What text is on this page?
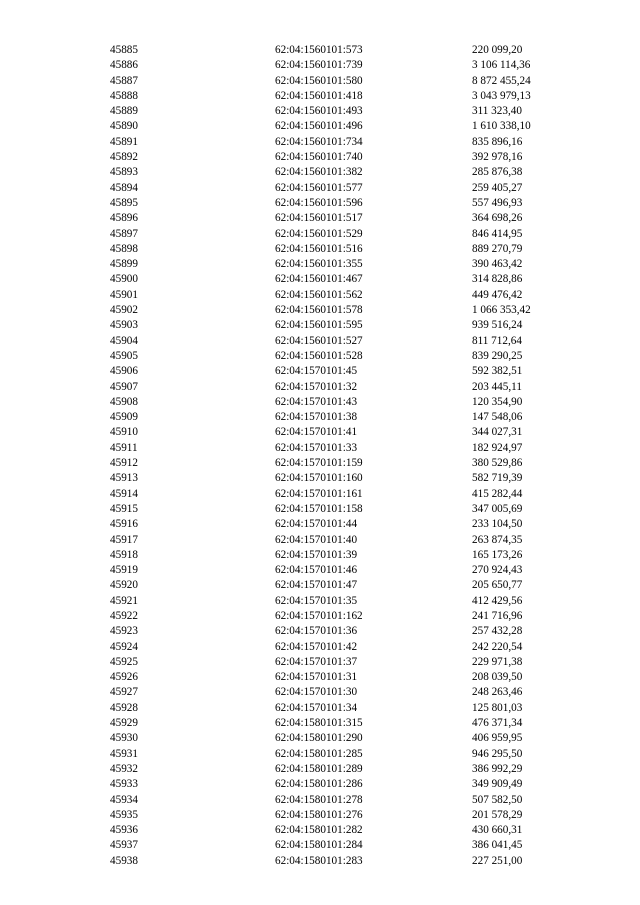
45885	62:04:1560101:573	220 099,20
45886	62:04:1560101:739	3 106 114,36
45887	62:04:1560101:580	8 872 455,24
45888	62:04:1560101:418	3 043 979,13
45889	62:04:1560101:493	311 323,40
45890	62:04:1560101:496	1 610 338,10
45891	62:04:1560101:734	835 896,16
45892	62:04:1560101:740	392 978,16
45893	62:04:1560101:382	285 876,38
45894	62:04:1560101:577	259 405,27
45895	62:04:1560101:596	557 496,93
45896	62:04:1560101:517	364 698,26
45897	62:04:1560101:529	846 414,95
45898	62:04:1560101:516	889 270,79
45899	62:04:1560101:355	390 463,42
45900	62:04:1560101:467	314 828,86
45901	62:04:1560101:562	449 476,42
45902	62:04:1560101:578	1 066 353,42
45903	62:04:1560101:595	939 516,24
45904	62:04:1560101:527	811 712,64
45905	62:04:1560101:528	839 290,25
45906	62:04:1570101:45	592 382,51
45907	62:04:1570101:32	203 445,11
45908	62:04:1570101:43	120 354,90
45909	62:04:1570101:38	147 548,06
45910	62:04:1570101:41	344 027,31
45911	62:04:1570101:33	182 924,97
45912	62:04:1570101:159	380 529,86
45913	62:04:1570101:160	582 719,39
45914	62:04:1570101:161	415 282,44
45915	62:04:1570101:158	347 005,69
45916	62:04:1570101:44	233 104,50
45917	62:04:1570101:40	263 874,35
45918	62:04:1570101:39	165 173,26
45919	62:04:1570101:46	270 924,43
45920	62:04:1570101:47	205 650,77
45921	62:04:1570101:35	412 429,56
45922	62:04:1570101:162	241 716,96
45923	62:04:1570101:36	257 432,28
45924	62:04:1570101:42	242 220,54
45925	62:04:1570101:37	229 971,38
45926	62:04:1570101:31	208 039,50
45927	62:04:1570101:30	248 263,46
45928	62:04:1570101:34	125 801,03
45929	62:04:1580101:315	476 371,34
45930	62:04:1580101:290	406 959,95
45931	62:04:1580101:285	946 295,50
45932	62:04:1580101:289	386 992,29
45933	62:04:1580101:286	349 909,49
45934	62:04:1580101:278	507 582,50
45935	62:04:1580101:276	201 578,29
45936	62:04:1580101:282	430 660,31
45937	62:04:1580101:284	386 041,45
45938	62:04:1580101:283	227 251,00
